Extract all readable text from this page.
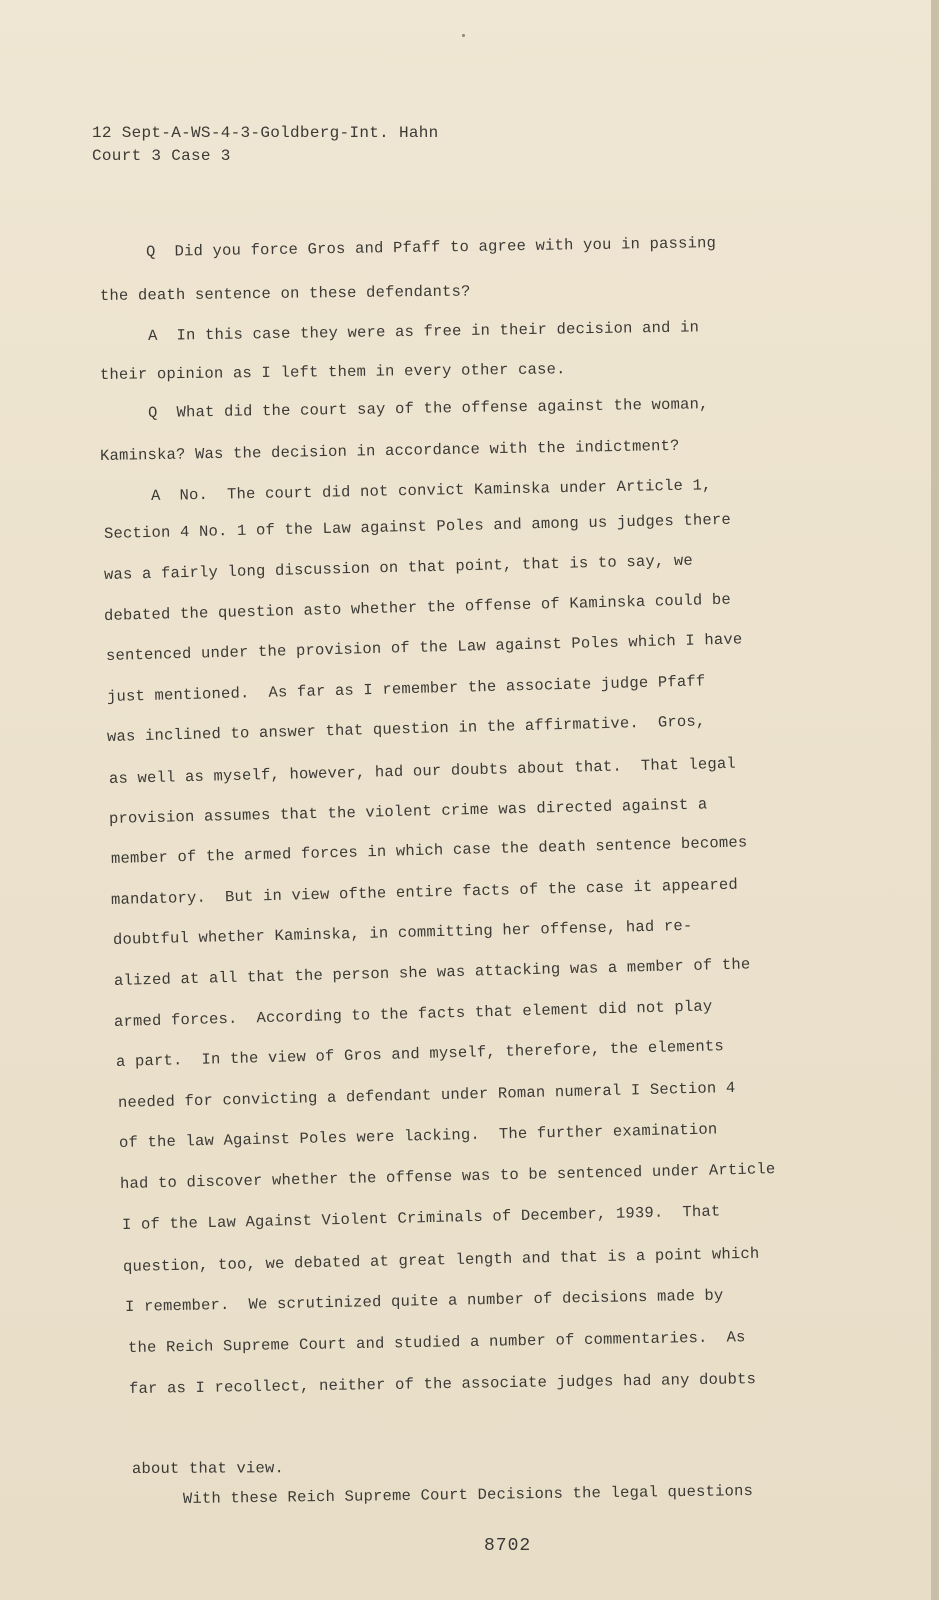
12 Sept-A-WS-4-3-Goldberg-Int. Hahn
Court 3 Case 3
Q  Did you force Gros and Pfaff to agree with you in passing
the death sentence on these defendants?
A  In this case they were as free in their decision and in
their opinion as I left them in every other case.
Q  What did the court say of the offense against the woman,
Kaminska? Was the decision in accordance with the indictment?
A  No.  The court did not convict Kaminska under Article 1,
Section 4 No. 1 of the Law against Poles and among us judges there
was a fairly long discussion on that point, that is to say, we
debated the question asto whether the offense of Kaminska could be
sentenced under the provision of the Law against Poles which I have
just mentioned.  As far as I remember the associate judge Pfaff
was inclined to answer that question in the affirmative.  Gros,
as well as myself, however, had our doubts about that.  That legal
provision assumes that the violent crime was directed against a
member of the armed forces in which case the death sentence becomes
mandatory.  But in view ofthe entire facts of the case it appeared
doubtful whether Kaminska, in committing her offense, had re-
alized at all that the person she was attacking was a member of the
armed forces.  According to the facts that element did not play
a part.  In the view of Gros and myself, therefore, the elements
needed for convicting a defendant under Roman numeral I Section 4
of the law Against Poles were lacking.  The further examination
had to discover whether the offense was to be sentenced under Article
I of the Law Against Violent Criminals of December, 1939.  That
question, too, we debated at great length and that is a point which
I remember.  We scrutinized quite a number of decisions made by
the Reich Supreme Court and studied a number of commentaries.  As
far as I recollect, neither of the associate judges had any doubts
about that view.
With these Reich Supreme Court Decisions the legal questions
8702
